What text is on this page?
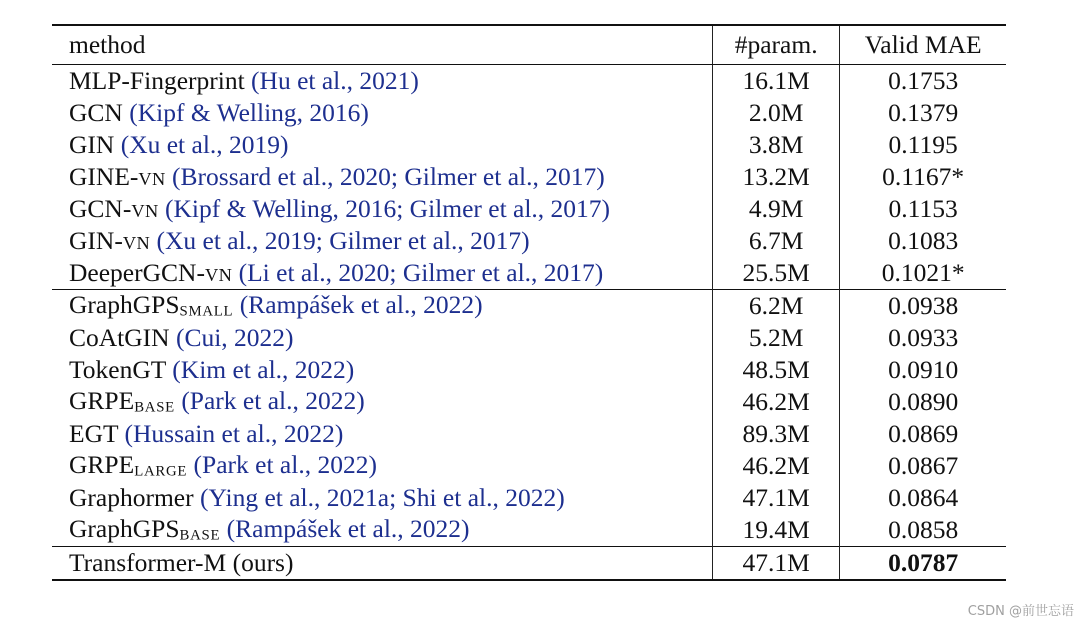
method	#param.	Valid MAE
MLP-Fingerprint (Hu et al., 2021)	16.1M	0.1753
GCN (Kipf & Welling, 2016)	2.0M	0.1379
GIN (Xu et al., 2019)	3.8M	0.1195
GINE-VN (Brossard et al., 2020; Gilmer et al., 2017)	13.2M	0.1167*
GCN-VN (Kipf & Welling, 2016; Gilmer et al., 2017)	4.9M	0.1153
GIN-VN (Xu et al., 2019; Gilmer et al., 2017)	6.7M	0.1083
DeeperGCN-VN (Li et al., 2020; Gilmer et al., 2017)	25.5M	0.1021*
GraphGPSSMALL (Rampášek et al., 2022)	6.2M	0.0938
CoAtGIN (Cui, 2022)	5.2M	0.0933
TokenGT (Kim et al., 2022)	48.5M	0.0910
GRPEBASE (Park et al., 2022)	46.2M	0.0890
EGT (Hussain et al., 2022)	89.3M	0.0869
GRPELARGE (Park et al., 2022)	46.2M	0.0867
Graphormer (Ying et al., 2021a; Shi et al., 2022)	47.1M	0.0864
GraphGPSBASE (Rampášek et al., 2022)	19.4M	0.0858
Transformer-M (ours)	47.1M	0.0787
CSDN @前世忘语
